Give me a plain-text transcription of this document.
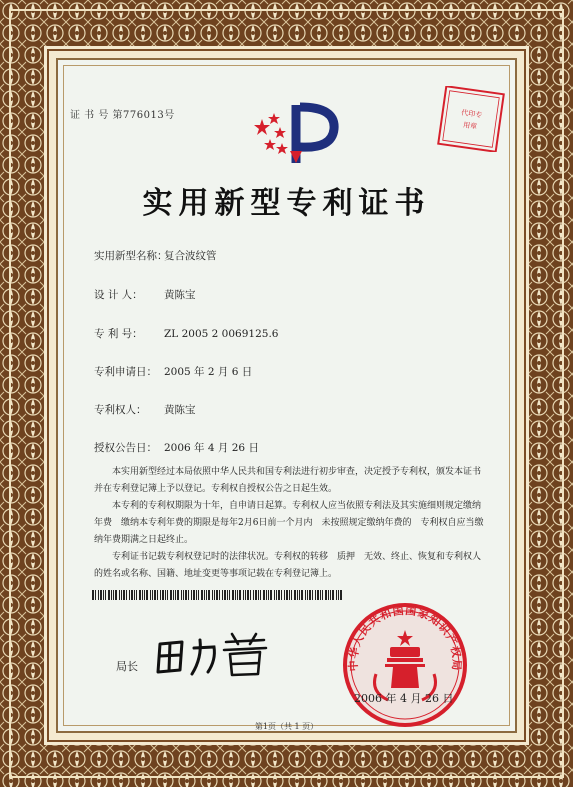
证 书 号 第776013号	代印专
用章
实用新型专利证书
实用新型名称：复合波纹管
设 计 人： 黄陈宝
专 利 号： ZL 2005 2 0069125.6
专利申请日： 2005 年 2 月 6 日
专利权人： 黄陈宝
授权公告日： 2006 年 4 月 26 日

本实用新型经过本局依照中华人民共和国专利法进行初步审查，决定授予专利权，颁发本证书并在专利登记簿上予以登记。专利权自授权公告之日起生效。

本专利的专利权期限为十年，自申请日起算。专利权人应当依照专利法及其实施细则规定缴纳年费　缴纳本专利年费的期限是每年2月6日前一个月内　未按照规定缴纳年费的　专利权自应当缴纳年费期满之日起终止。

专利证书记载专利权登记时的法律状况。专利权的转移　质押　无效、终止、恢复和专利权人的姓名或名称、国籍、地址变更等事项记载在专利登记簿上。

局长	中华人民共和国国家知识产权局
2006 年 4 月 26 日
第1页（共 1 页）
